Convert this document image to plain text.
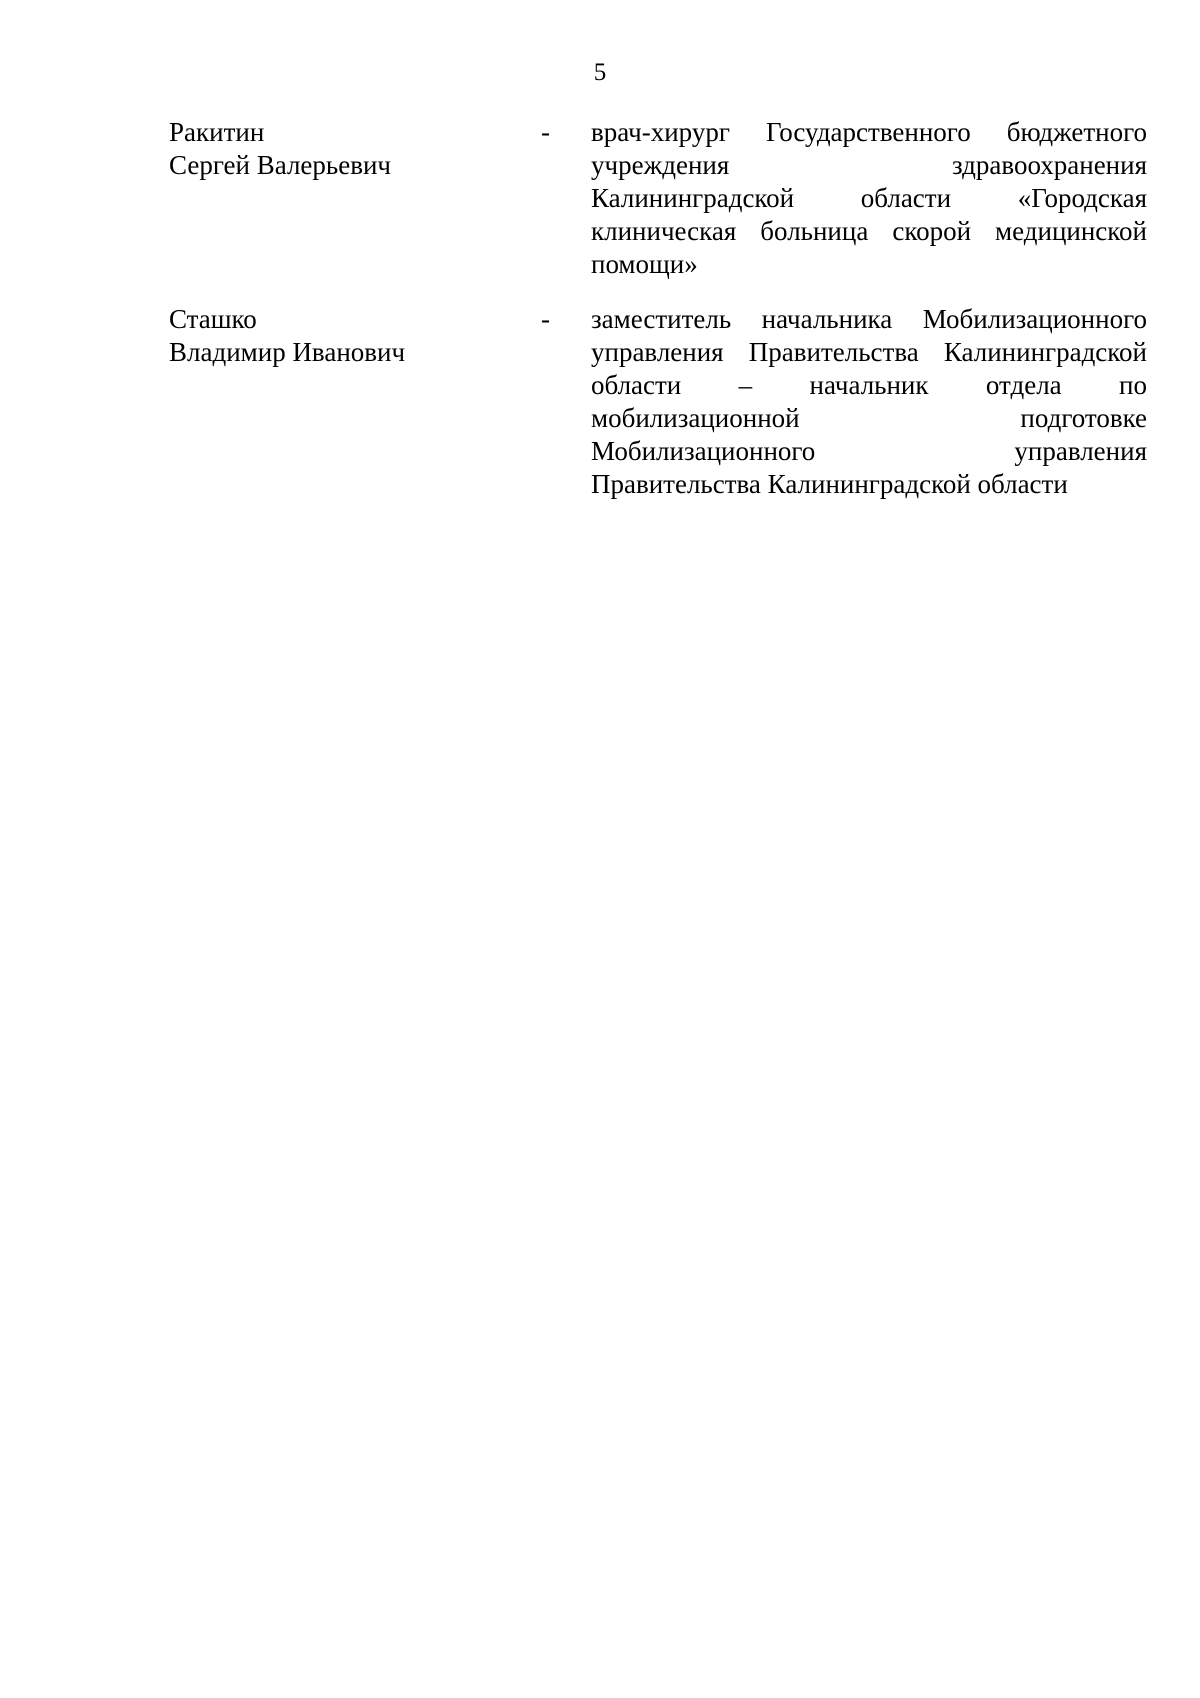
5
Ракитин
Сергей Валерьевич
- врач-хирург Государственного бюджетного
учреждения здравоохранения
Калининградской области «Городская
клиническая больница скорой медицинской
помощи»
Сташко
Владимир Иванович
- заместитель начальника Мобилизационного
управления Правительства Калининградской
области – начальник отдела по
мобилизационной подготовке
Мобилизационного управления
Правительства Калининградской области
